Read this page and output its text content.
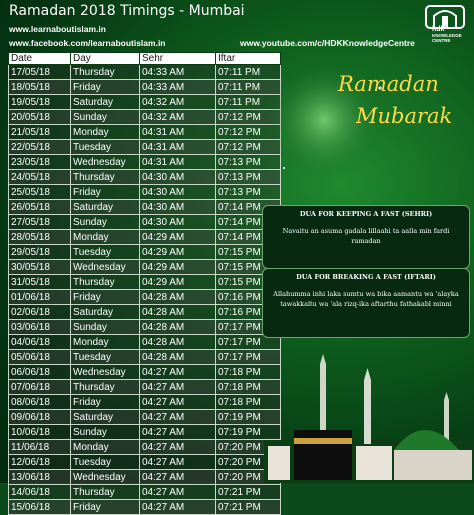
Ramadan 2018 Timings - Mumbai
www.learnaboutislam.in
www.facebook.com/learnaboutislam.in	www.youtube.com/c/HDKKnowledgeCentre
hdk
KNOWLEDGE CENTRE
Date	Day	Sehr	Iftar
17/05/18	Thursday	04:33 AM	07:11 PM
18/05/18	Friday	04:33 AM	07:11 PM
19/05/18	Saturday	04:32 AM	07:11 PM
20/05/18	Sunday	04:32 AM	07:12 PM
21/05/18	Monday	04:31 AM	07:12 PM
22/05/18	Tuesday	04:31 AM	07:12 PM
23/05/18	Wednesday	04:31 AM	07:13 PM
24/05/18	Thursday	04:30 AM	07:13 PM
25/05/18	Friday	04:30 AM	07:13 PM
26/05/18	Saturday	04:30 AM	07:14 PM
27/05/18	Sunday	04:30 AM	07:14 PM
28/05/18	Monday	04:29 AM	07:14 PM
29/05/18	Tuesday	04:29 AM	07:15 PM
30/05/18	Wednesday	04:29 AM	07:15 PM
31/05/18	Thursday	04:29 AM	07:15 PM
01/06/18	Friday	04:28 AM	07:16 PM
02/06/18	Saturday	04:28 AM	07:16 PM
03/06/18	Sunday	04:28 AM	07:17 PM
04/06/18	Monday	04:28 AM	07:17 PM
05/06/18	Tuesday	04:28 AM	07:17 PM
06/06/18	Wednesday	04:27 AM	07:18 PM
07/06/18	Thursday	04:27 AM	07:18 PM
08/06/18	Friday	04:27 AM	07:18 PM
09/06/18	Saturday	04:27 AM	07:19 PM
10/06/18	Sunday	04:27 AM	07:19 PM
11/06/18	Monday	04:27 AM	07:20 PM
12/06/18	Tuesday	04:27 AM	07:20 PM
13/06/18	Wednesday	04:27 AM	07:20 PM
14/06/18	Thursday	04:27 AM	07:21 PM
15/06/18	Friday	04:27 AM	07:21 PM
Ramadan
Mubarak
DUA FOR KEEPING A FAST (SEHRI)
Navaitu an asuma gadala lillaahi ta aalla min fardi ramadan
DUA FOR BREAKING A FAST (IFTARI)
Allahumma inhi laka sumtu wa bika aamantu wa 'alayka tawakkaltu wa 'ala rizq-ika aftarthu fathakabl minni
